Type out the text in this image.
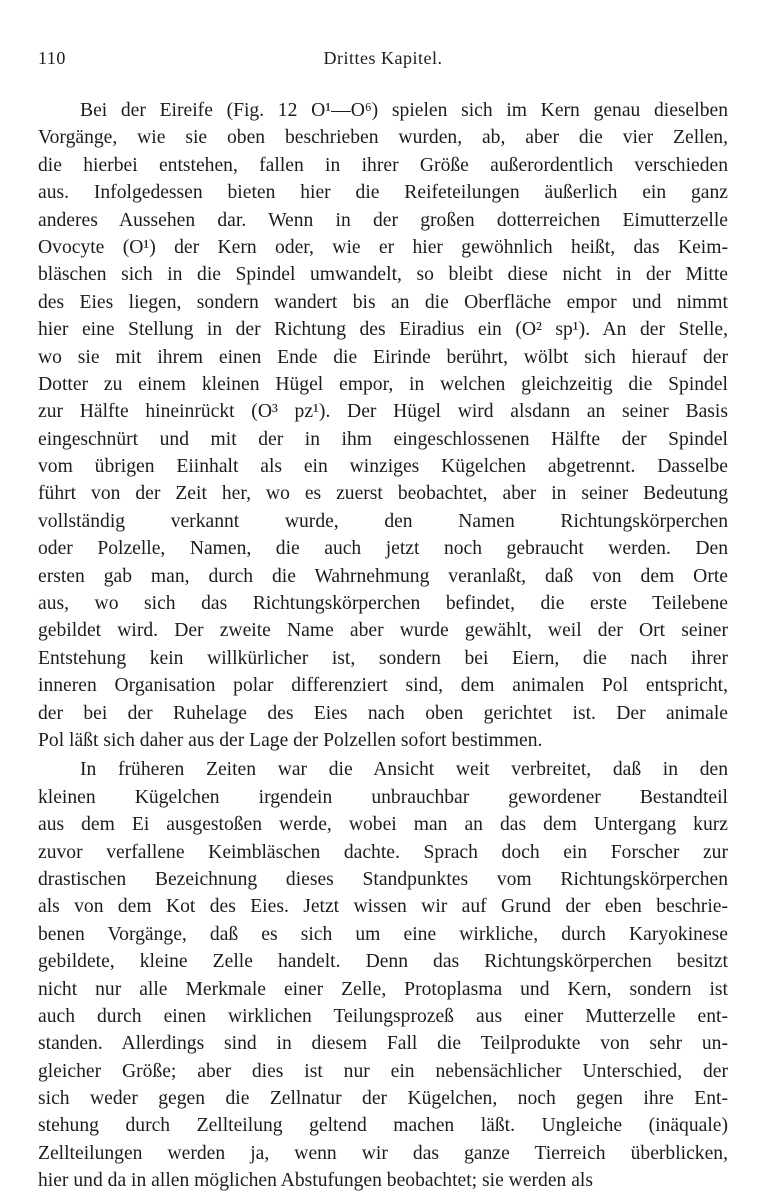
110	Drittes Kapitel.
Bei der Eireife (Fig. 12 O¹—O⁶) spielen sich im Kern genau dieselben
Vorgänge, wie sie oben beschrieben wurden, ab, aber die vier Zellen,
die hierbei entstehen, fallen in ihrer Größe außerordentlich verschieden
aus. Infolgedessen bieten hier die Reifeteilungen äußerlich ein ganz
anderes Aussehen dar. Wenn in der großen dotterreichen Eimutterzelle
Ovocyte (O¹) der Kern oder, wie er hier gewöhnlich heißt, das Keim-
bläschen sich in die Spindel umwandelt, so bleibt diese nicht in der Mitte
des Eies liegen, sondern wandert bis an die Oberfläche empor und nimmt
hier eine Stellung in der Richtung des Eiradius ein (O² sp¹). An der Stelle,
wo sie mit ihrem einen Ende die Eirinde berührt, wölbt sich hierauf der
Dotter zu einem kleinen Hügel empor, in welchen gleichzeitig die Spindel
zur Hälfte hineinrückt (O³ pz¹). Der Hügel wird alsdann an seiner Basis
eingeschnürt und mit der in ihm eingeschlossenen Hälfte der Spindel
vom übrigen Eiinhalt als ein winziges Kügelchen abgetrennt. Dasselbe
führt von der Zeit her, wo es zuerst beobachtet, aber in seiner Bedeutung
vollständig verkannt wurde, den Namen Richtungskörperchen
oder Polzelle, Namen, die auch jetzt noch gebraucht werden. Den
ersten gab man, durch die Wahrnehmung veranlaßt, daß von dem Orte
aus, wo sich das Richtungskörperchen befindet, die erste Teilebene
gebildet wird. Der zweite Name aber wurde gewählt, weil der Ort seiner
Entstehung kein willkürlicher ist, sondern bei Eiern, die nach ihrer
inneren Organisation polar differenziert sind, dem animalen Pol entspricht,
der bei der Ruhelage des Eies nach oben gerichtet ist. Der animale
Pol läßt sich daher aus der Lage der Polzellen sofort bestimmen.
In früheren Zeiten war die Ansicht weit verbreitet, daß in den
kleinen Kügelchen irgendein unbrauchbar gewordener Bestandteil
aus dem Ei ausgestoßen werde, wobei man an das dem Untergang kurz
zuvor verfallene Keimbläschen dachte. Sprach doch ein Forscher zur
drastischen Bezeichnung dieses Standpunktes vom Richtungskörperchen
als von dem Kot des Eies. Jetzt wissen wir auf Grund der eben beschrie-
benen Vorgänge, daß es sich um eine wirkliche, durch Karyokinese
gebildete, kleine Zelle handelt. Denn das Richtungskörperchen besitzt
nicht nur alle Merkmale einer Zelle, Protoplasma und Kern, sondern ist
auch durch einen wirklichen Teilungsprozeß aus einer Mutterzelle ent-
standen. Allerdings sind in diesem Fall die Teilprodukte von sehr un-
gleicher Größe; aber dies ist nur ein nebensächlicher Unterschied, der
sich weder gegen die Zellnatur der Kügelchen, noch gegen ihre Ent-
stehung durch Zellteilung geltend machen läßt. Ungleiche (inäquale)
Zellteilungen werden ja, wenn wir das ganze Tierreich überblicken,
hier und da in allen möglichen Abstufungen beobachtet; sie werden als
